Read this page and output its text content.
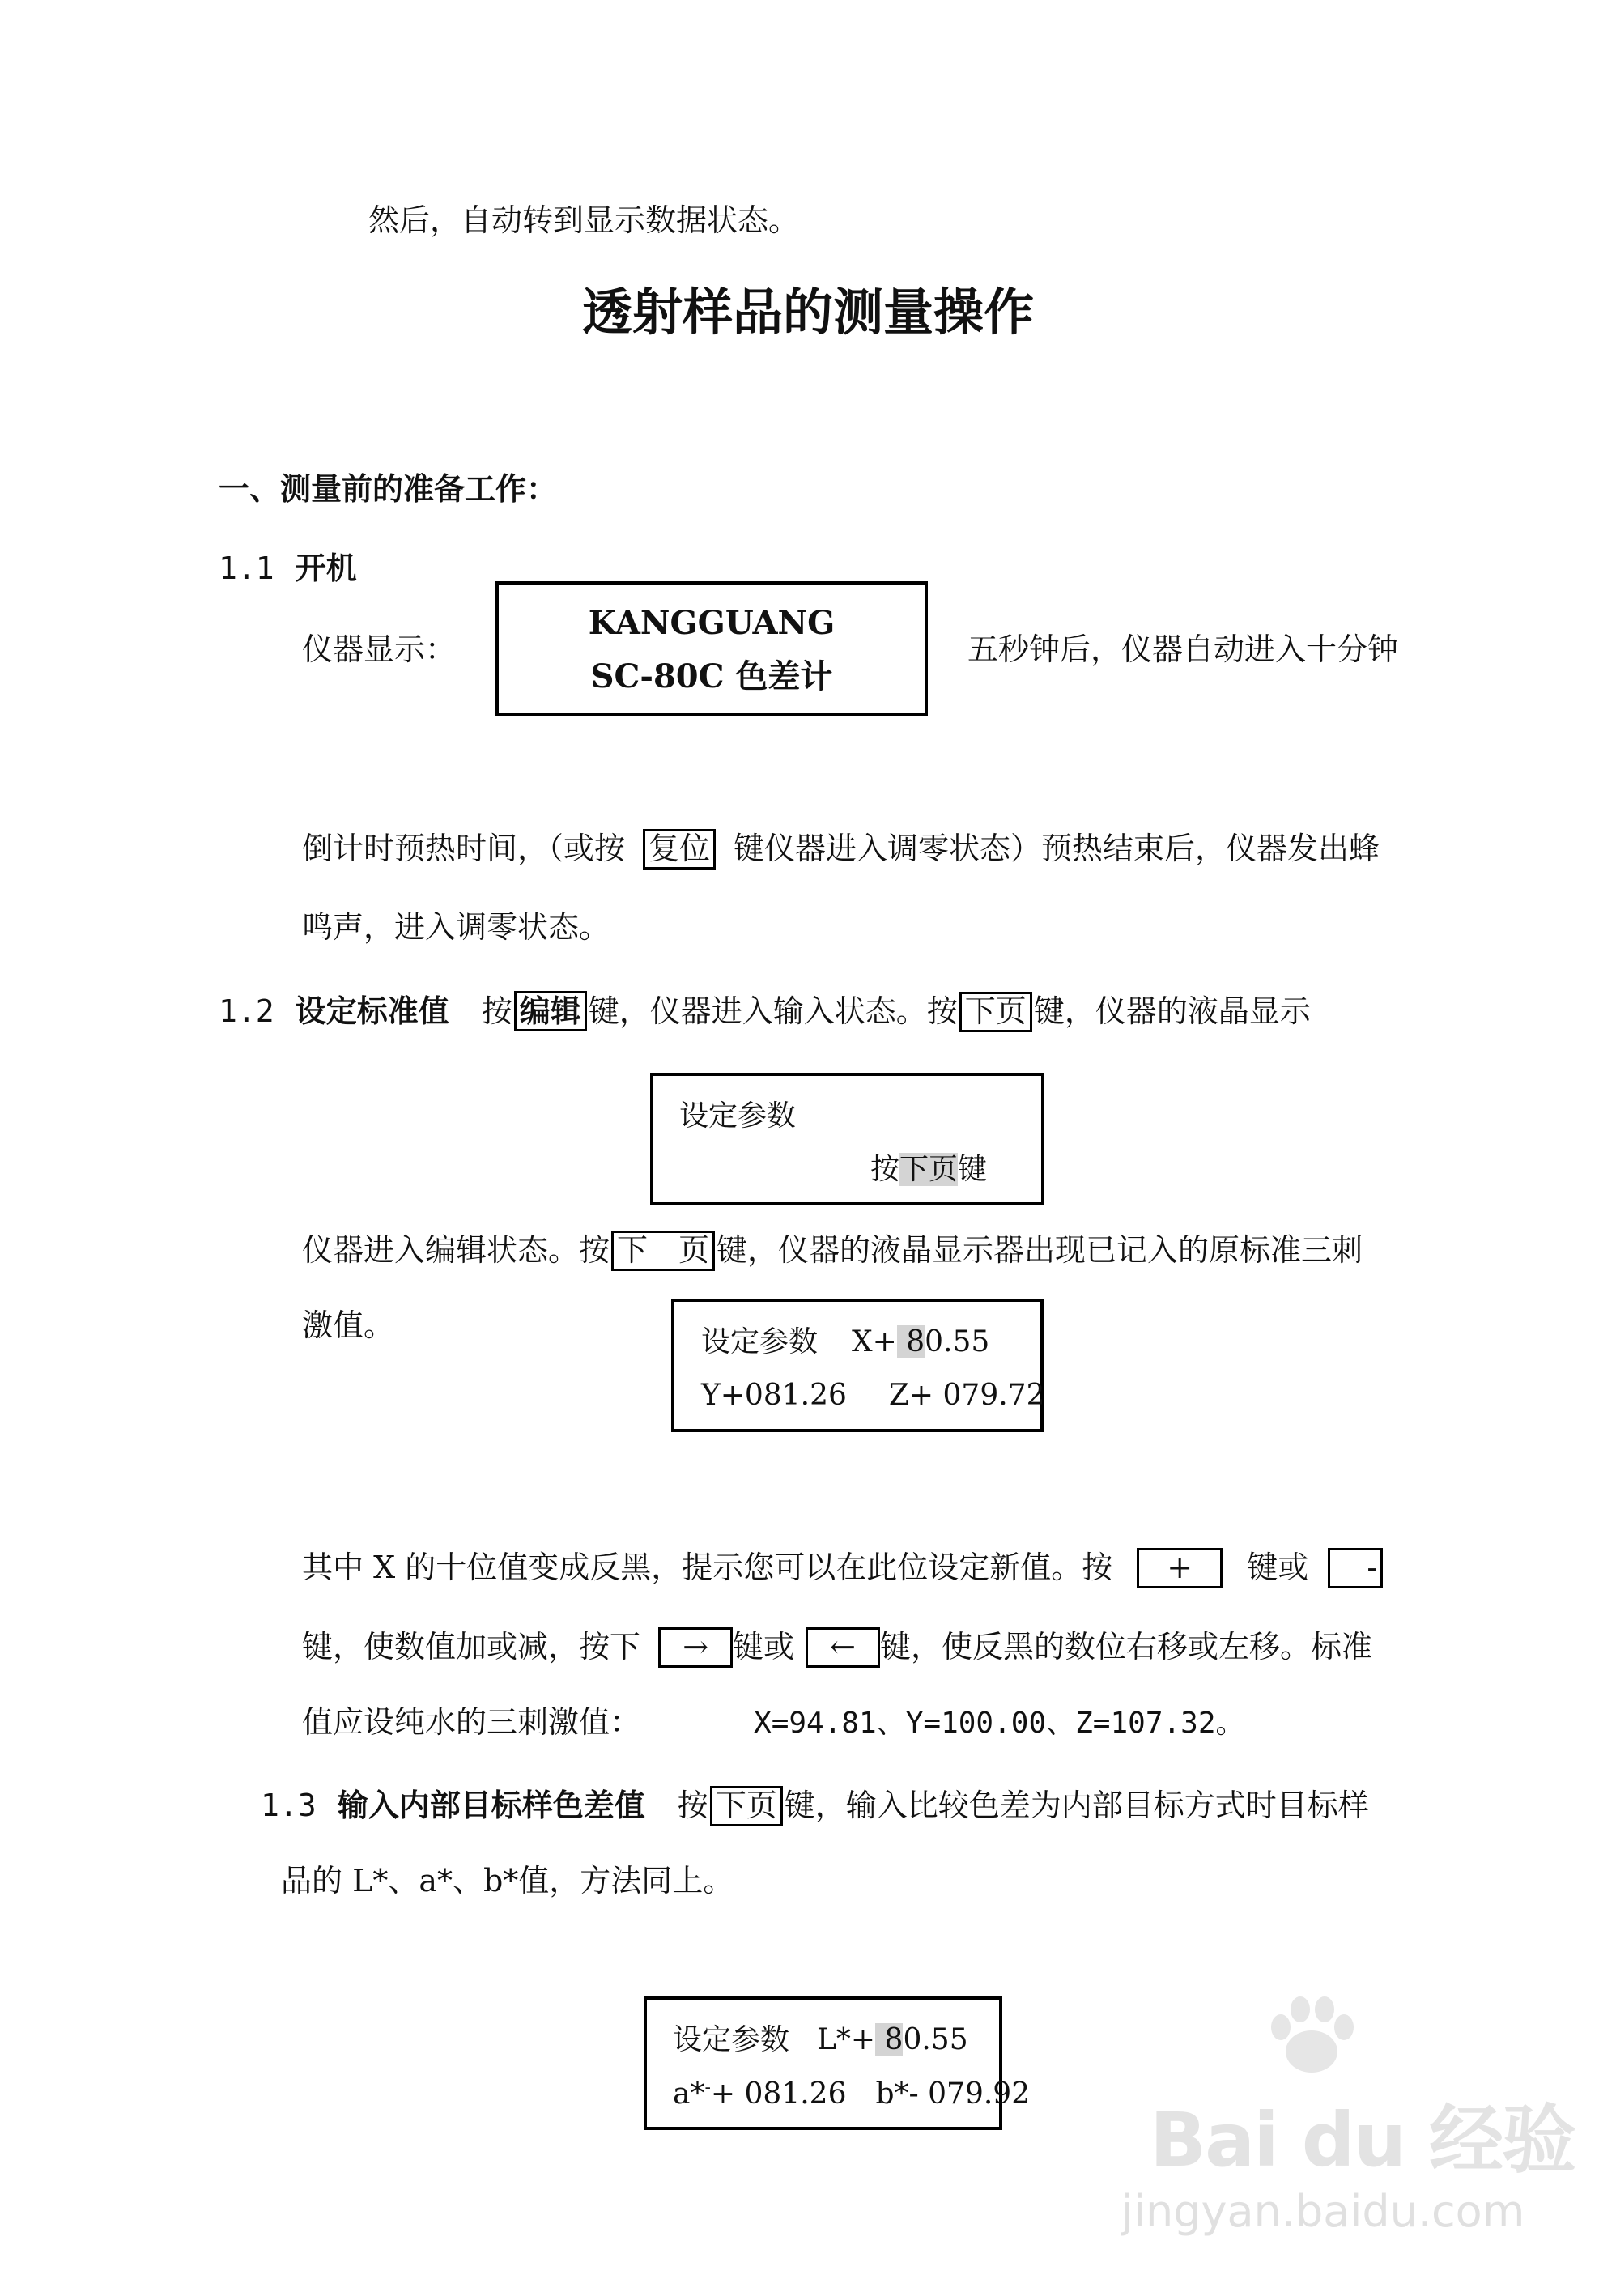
然后，自动转到显示数据状态。
透射样品的测量操作
一、测量前的准备工作：
1.1 开机
仪器显示：
KANGGUANG
SC-80C 色差计
五秒钟后，仪器自动进入十分钟
倒计时预热时间，（或按 复位 键仪器进入调零状态）预热结束后，仪器发出蜂
鸣声，进入调零状态。
1.2 设定标准值 按 编辑 键，仪器进入输入状态。按 下页 键，仪器的液晶显示
设定参数
按下页键
仪器进入编辑状态。按 下　页 键，仪器的液晶显示器出现已记入的原标准三刺
激值。	设定参数 X+ 80.55
Y+081.26 Z+ 079.72
其中 X 的十位值变成反黑，提示您可以在此位设定新值。按 + 键或 -
键，使数值加或减，按下 → 键或 ← 键，使反黑的数位右移或左移。标准
值应设纯水的三刺激值：	X=94.81、Y=100.00、Z=107.32。
1.3 输入内部目标样色差值 按 下页 键，输入比较色差为内部目标方式时目标样
品的 L*、a*、b*值，方法同上。
设定参数 L*+ 80.55
a*-+ 081.26 b*- 079.92
Bai du 经验
jingyan.baidu.com
